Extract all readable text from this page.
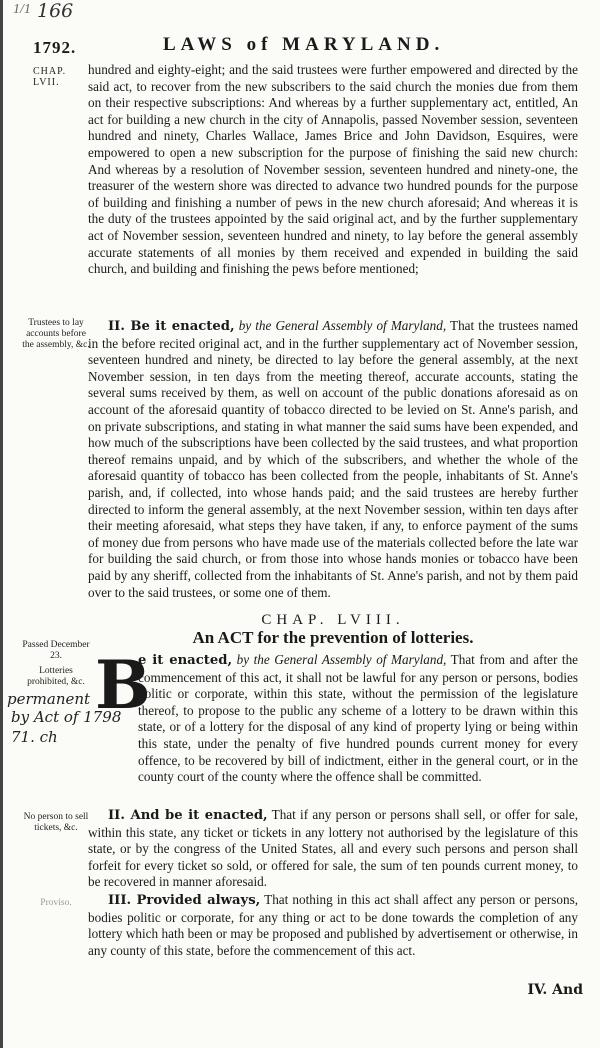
1/1 166
1792.	LAWS of MARYLAND.
CHAP. LVII.
hundred and eighty-eight; and the said trustees were further empowered and directed by the said act, to recover from the new subscribers to the said church the monies due from them on their respective subscriptions: And whereas by a further supplementary act, entitled, An act for building a new church in the city of Annapolis, passed November session, seventeen hundred and ninety, Charles Wallace, James Brice and John Davidson, Esquires, were empowered to open a new subscription for the purpose of finishing the said new church: And whereas by a resolution of November session, seventeen hundred and ninety-one, the treasurer of the western shore was directed to advance two hundred pounds for the purpose of building and finishing a number of pews in the new church aforesaid; And whereas it is the duty of the trustees appointed by the said original act, and by the further supplementary act of November session, seventeen hundred and ninety, to lay before the general assembly accurate statements of all monies by them received and expended in building the said church, and building and finishing the pews before mentioned;
Trustees to lay accounts before the assembly, &c.
II. Be it enacted, by the General Assembly of Maryland, That the trustees named in the before recited original act, and in the further supplementary act of November session, seventeen hundred and ninety, be directed to lay before the general assembly, at the next November session, in ten days from the meeting thereof, accurate accounts, stating the several sums received by them, as well on account of the public donations aforesaid as on account of the aforesaid quantity of tobacco directed to be levied on St. Anne's parish, and on private subscriptions, and stating in what manner the said sums have been expended, and how much of the subscriptions have been collected by the said trustees, and what proportion thereof remains unpaid, and by which of the subscribers, and whether the whole of the aforesaid quantity of tobacco has been collected from the people, inhabitants of St. Anne's parish, and, if collected, into whose hands paid; and the said trustees are hereby further directed to inform the general assembly, at the next November session, within ten days after their meeting aforesaid, what steps they have taken, if any, to enforce payment of the sums of money due from persons who have made use of the materials collected before the late war for building the said church, or from those into whose hands monies or tobacco have been paid by any sheriff, collected from the inhabitants of St. Anne's parish, and not by them paid over to the said trustees, or some one of them.
CHAP. LVIII.
An ACT for the prevention of lotteries.
Passed December 23.
Lotteries prohibited, &c.
permanent
by Act of 1798
71. ch
B
e it enacted, by the General Assembly of Maryland, That from and after the commencement of this act, it shall not be lawful for any person or persons, bodies politic or corporate, within this state, without the permission of the legislature thereof, to propose to the public any scheme of a lottery to be drawn within this state, or of a lottery for the disposal of any kind of property lying or being within this state, under the penalty of five hundred pounds current money for every offence, to be recovered by bill of indictment, either in the general court, or in the county court of the county where the offence shall be committed.
No person to sell tickets, &c.
II. And be it enacted, That if any person or persons shall sell, or offer for sale, within this state, any ticket or tickets in any lottery not authorised by the legislature of this state, or by the congress of the United States, all and every such persons and person shall forfeit for every ticket so sold, or offered for sale, the sum of ten pounds current money, to be recovered in manner aforesaid.
Proviso.	III. Provided always, That nothing in this act shall affect any person or persons, bodies politic or corporate, for any thing or act to be done towards the completion of any lottery which hath been or may be proposed and published by advertisement or otherwise, in any county of this state, before the commencement of this act.
IV. And
